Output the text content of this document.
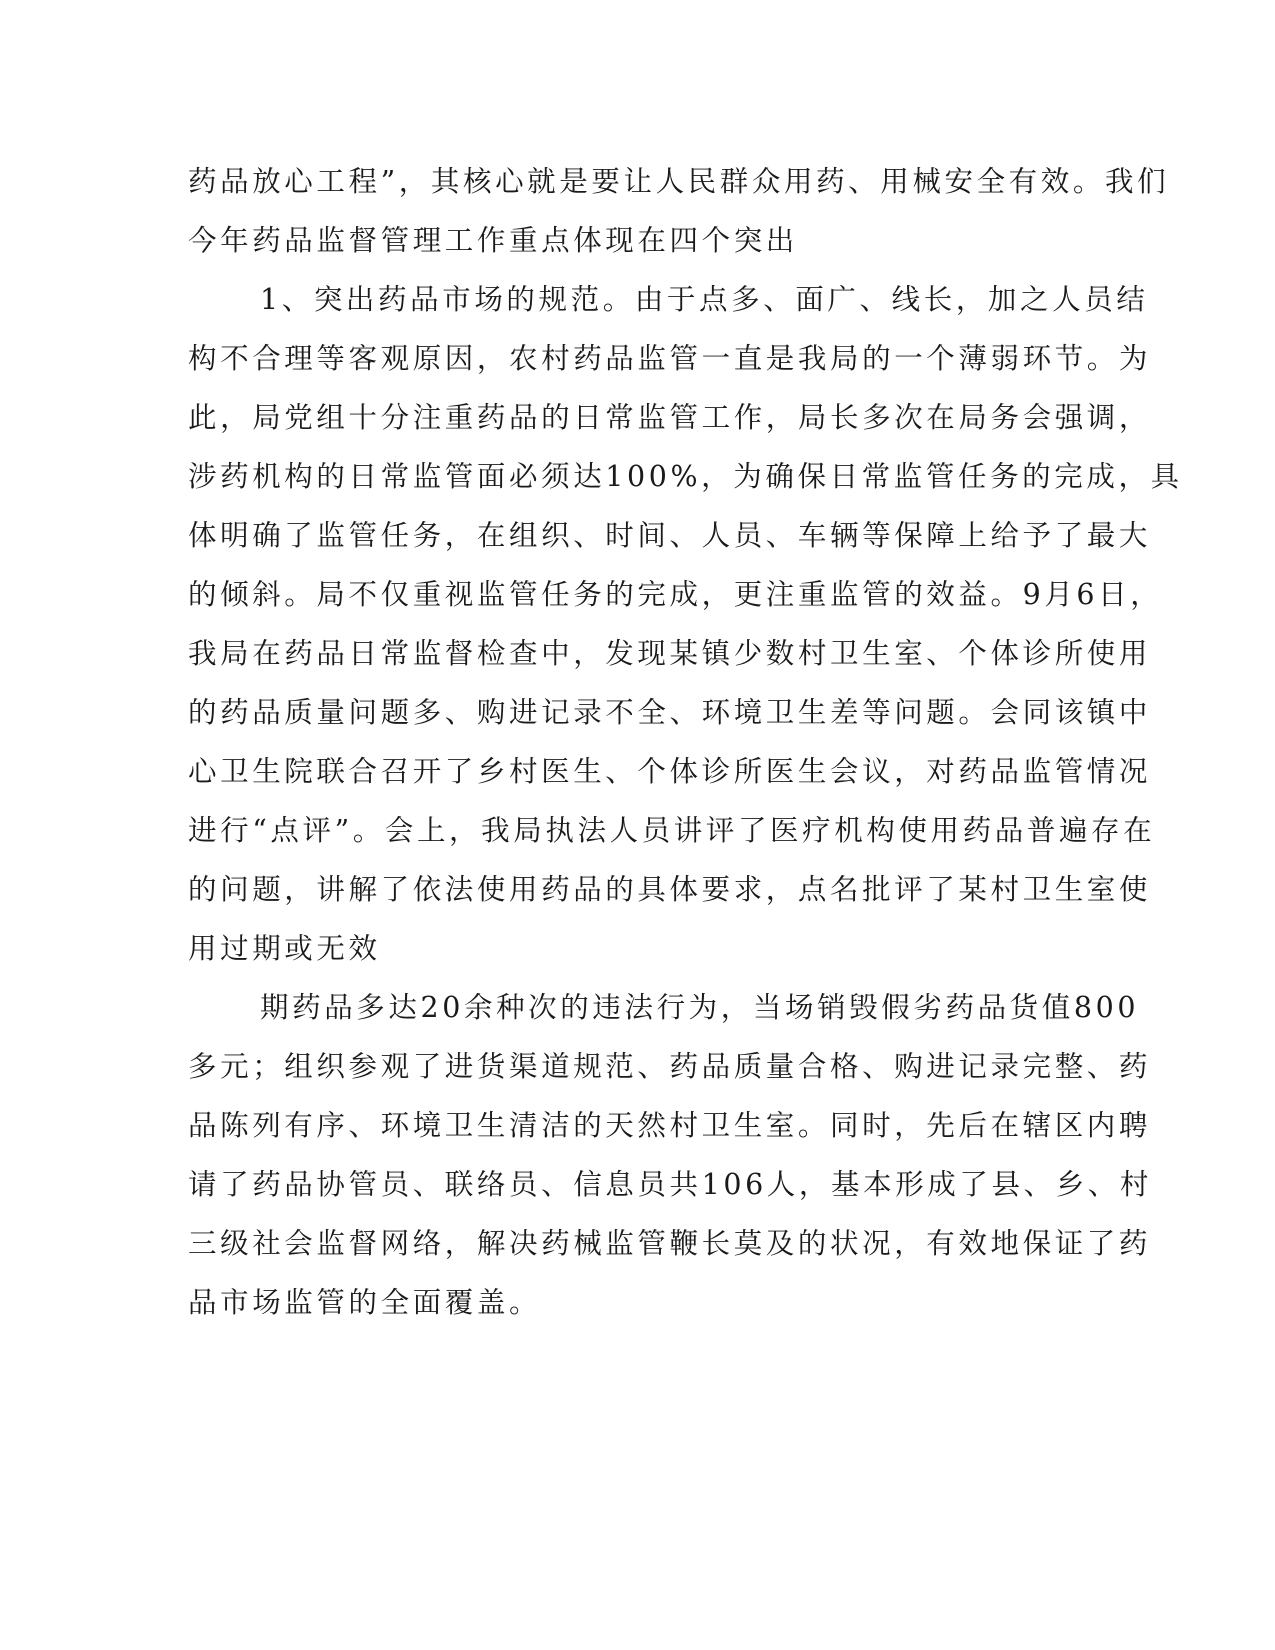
药品放心工程”，其核心就是要让人民群众用药、用械安全有效。我们
今年药品监督管理工作重点体现在四个突出
1、突出药品市场的规范。由于点多、面广、线长，加之人员结
构不合理等客观原因，农村药品监管一直是我局的一个薄弱环节。为
此，局党组十分注重药品的日常监管工作，局长多次在局务会强调，
涉药机构的日常监管面必须达100%，为确保日常监管任务的完成，具
体明确了监管任务，在组织、时间、人员、车辆等保障上给予了最大
的倾斜。局不仅重视监管任务的完成，更注重监管的效益。9月6日，
我局在药品日常监督检查中，发现某镇少数村卫生室、个体诊所使用
的药品质量问题多、购进记录不全、环境卫生差等问题。会同该镇中
心卫生院联合召开了乡村医生、个体诊所医生会议，对药品监管情况
进行“点评”。会上，我局执法人员讲评了医疗机构使用药品普遍存在
的问题，讲解了依法使用药品的具体要求，点名批评了某村卫生室使
用过期或无效
期药品多达20余种次的违法行为，当场销毁假劣药品货值800
多元；组织参观了进货渠道规范、药品质量合格、购进记录完整、药
品陈列有序、环境卫生清洁的天然村卫生室。同时，先后在辖区内聘
请了药品协管员、联络员、信息员共106人，基本形成了县、乡、村
三级社会监督网络，解决药械监管鞭长莫及的状况，有效地保证了药
品市场监管的全面覆盖。
